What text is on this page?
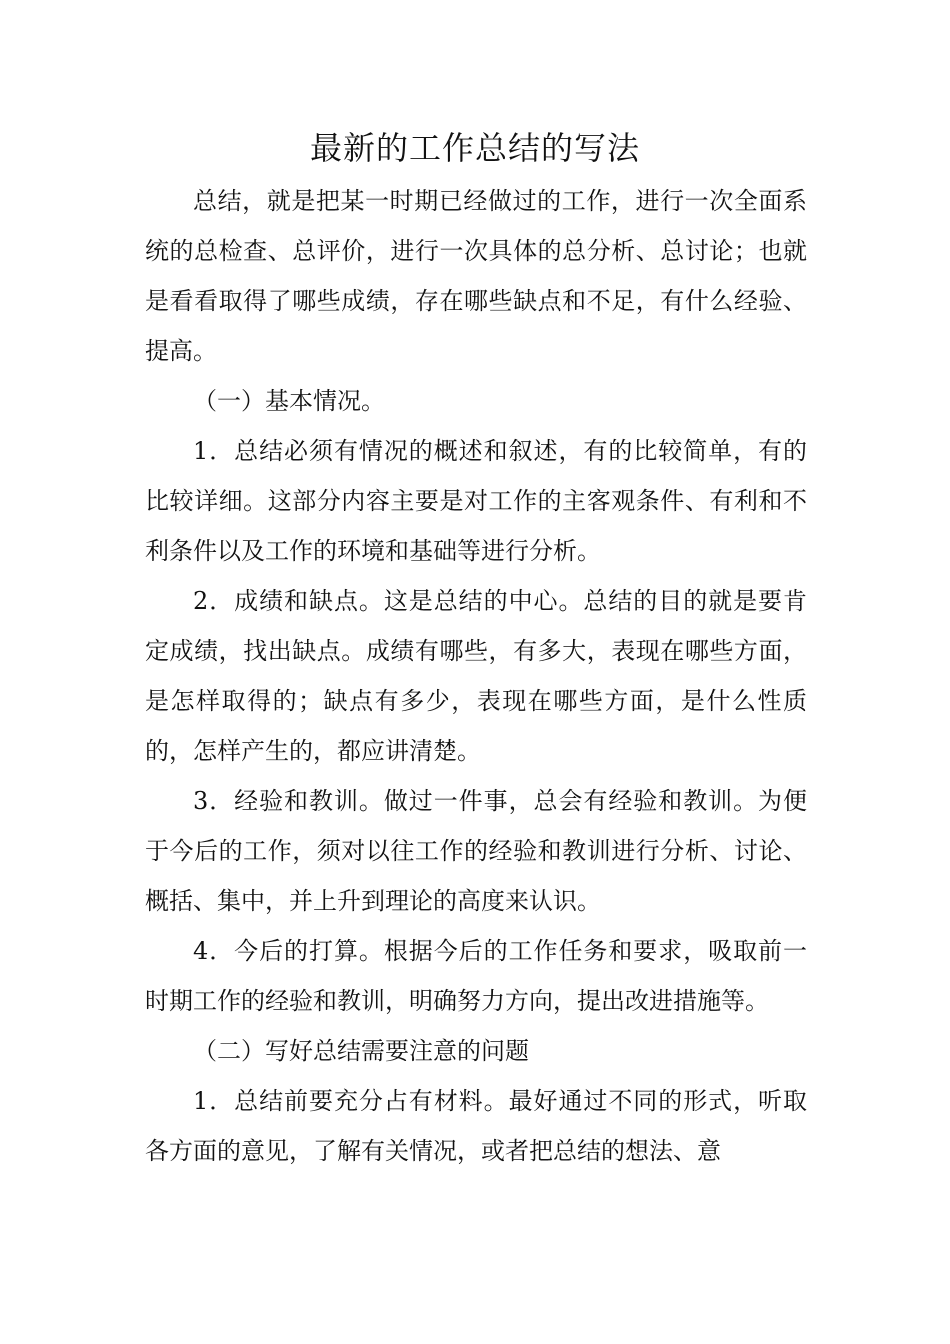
最新的工作总结的写法

总结，就是把某一时期已经做过的工作，进行一次全面系统的总检查、总评价，进行一次具体的总分析、总讨论；也就是看看取得了哪些成绩，存在哪些缺点和不足，有什么经验、提高。

（一）基本情况。

1．总结必须有情况的概述和叙述，有的比较简单，有的比较详细。这部分内容主要是对工作的主客观条件、有利和不利条件以及工作的环境和基础等进行分析。

2．成绩和缺点。这是总结的中心。总结的目的就是要肯定成绩，找出缺点。成绩有哪些，有多大，表现在哪些方面，是怎样取得的；缺点有多少，表现在哪些方面，是什么性质的，怎样产生的，都应讲清楚。

3．经验和教训。做过一件事，总会有经验和教训。为便于今后的工作，须对以往工作的经验和教训进行分析、讨论、概括、集中，并上升到理论的高度来认识。

4．今后的打算。根据今后的工作任务和要求，吸取前一时期工作的经验和教训，明确努力方向，提出改进措施等。

（二）写好总结需要注意的问题

1．总结前要充分占有材料。最好通过不同的形式，听取各方面的意见，了解有关情况，或者把总结的想法、意
